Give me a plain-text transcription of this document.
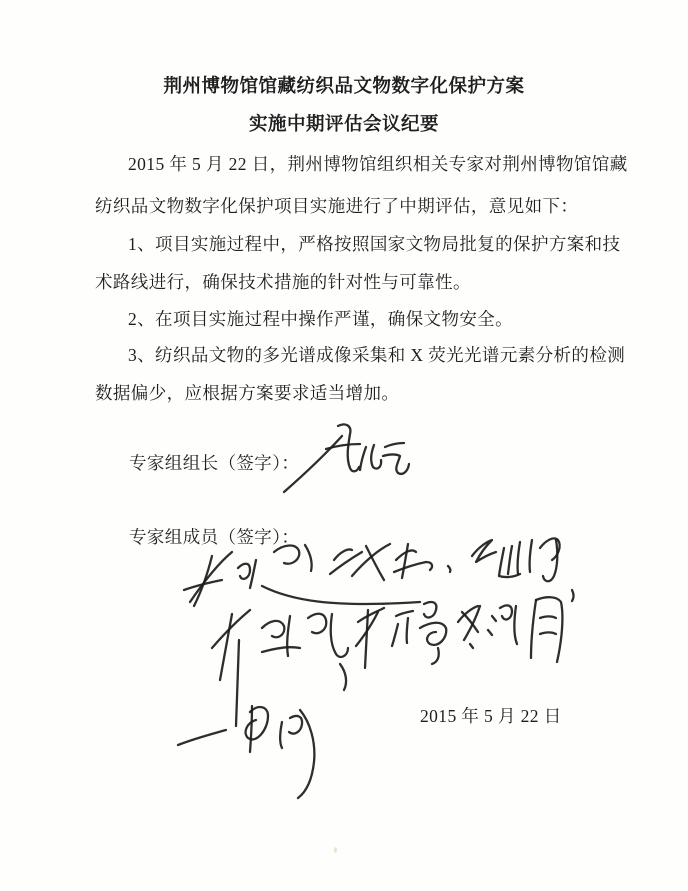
荆州博物馆馆藏纺织品文物数字化保护方案
实施中期评估会议纪要
2015 年 5 月 22 日，荆州博物馆组织相关专家对荆州博物馆馆藏
纺织品文物数字化保护项目实施进行了中期评估，意见如下：
1、项目实施过程中，严格按照国家文物局批复的保护方案和技
术路线进行，确保技术措施的针对性与可靠性。
2、在项目实施过程中操作严谨，确保文物安全。
3、纺织品文物的多光谱成像采集和 X 荧光光谱元素分析的检测
数据偏少，应根据方案要求适当增加。
专家组组长（签字）：
专家组成员（签字）：
2015 年 5 月 22 日
